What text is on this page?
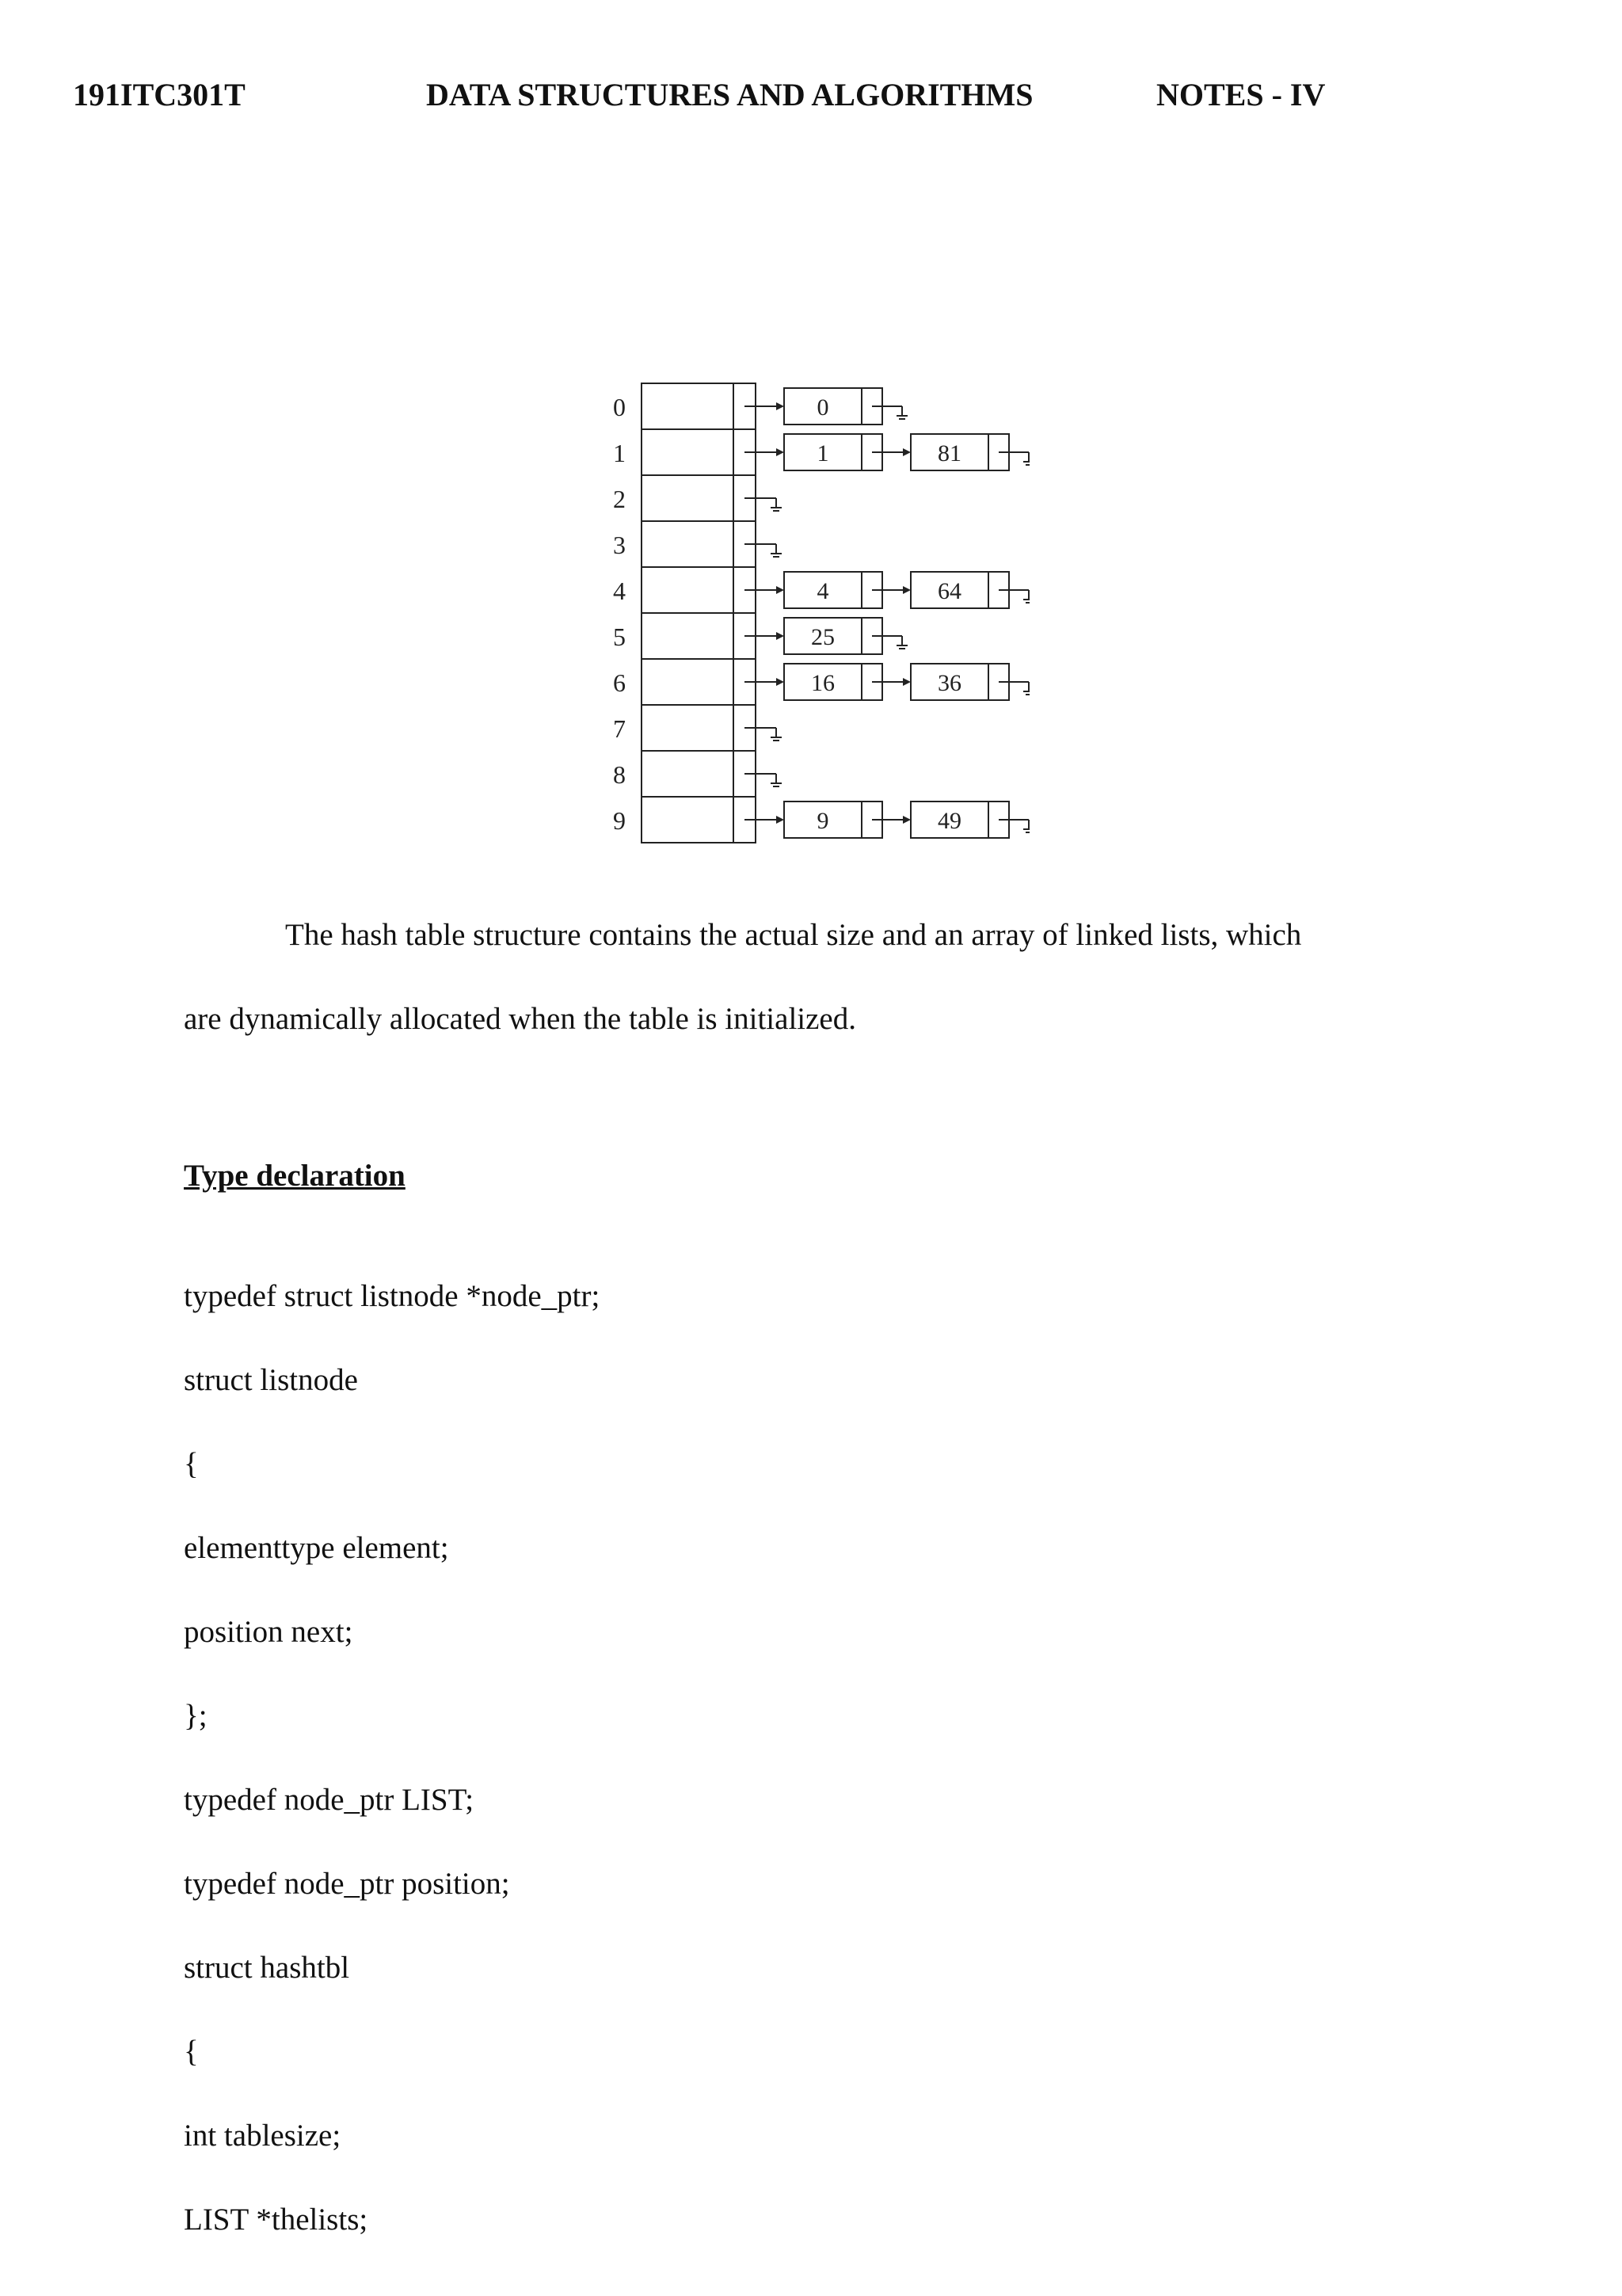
191ITC301T	DATA STRUCTURES AND ALGORITHMS	NOTES - IV
0	0
1	1	81
2
3
4	4	64
5	25
6	16	36
7
8
9	9	49

The hash table structure contains the actual size and an array of linked lists, which

are dynamically allocated when the table is initialized.

Type declaration

typedef struct listnode *node_ptr;

struct listnode

{

elementtype element;

position next;

};

typedef node_ptr LIST;

typedef node_ptr position;

struct hashtbl

{

int tablesize;

LIST *thelists;
